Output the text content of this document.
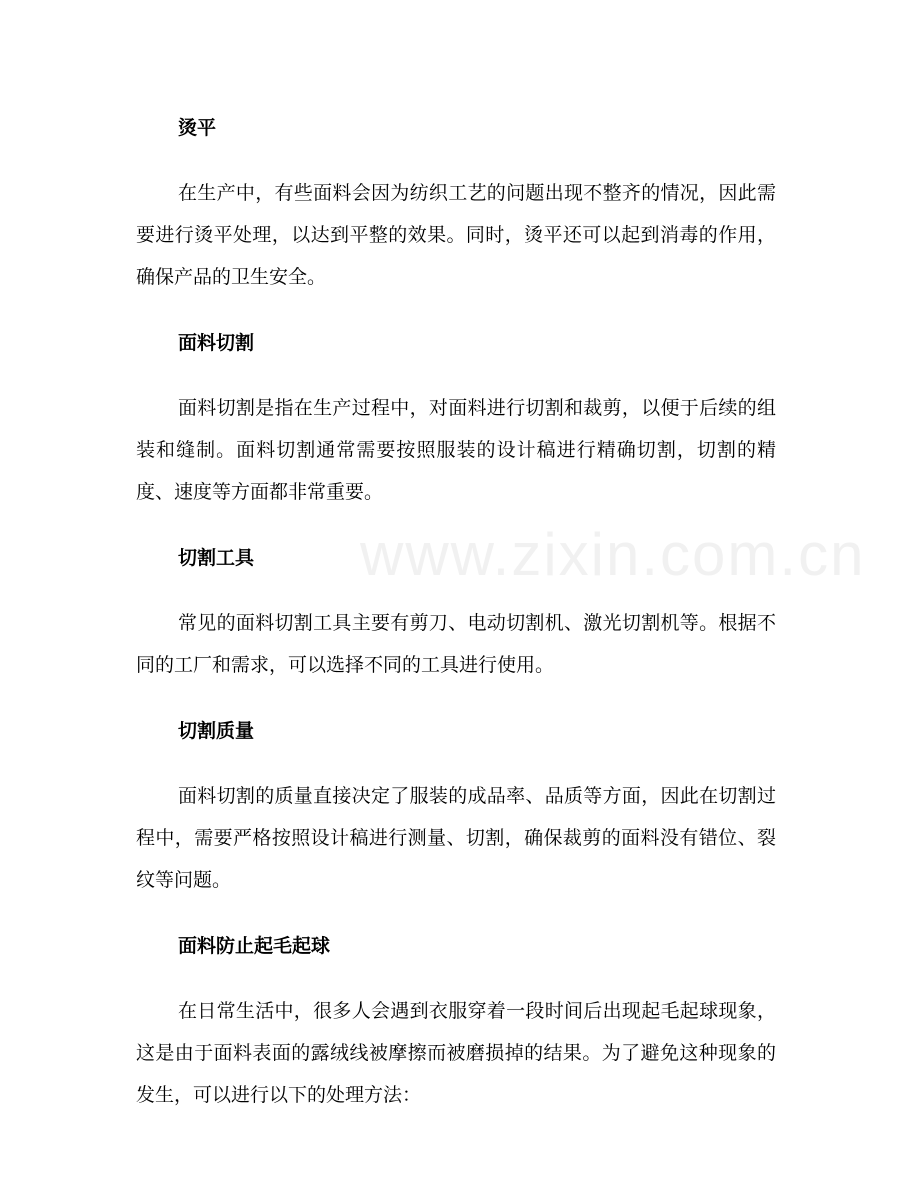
www.zixin.com.cn
烫平

在生产中，有些面料会因为纺织工艺的问题出现不整齐的情况，因此需要进行烫平处理，以达到平整的效果。同时，烫平还可以起到消毒的作用，确保产品的卫生安全。

面料切割

面料切割是指在生产过程中，对面料进行切割和裁剪，以便于后续的组装和缝制。面料切割通常需要按照服装的设计稿进行精确切割，切割的精度、速度等方面都非常重要。

切割工具

常见的面料切割工具主要有剪刀、电动切割机、激光切割机等。根据不同的工厂和需求，可以选择不同的工具进行使用。

切割质量

面料切割的质量直接决定了服装的成品率、品质等方面，因此在切割过程中，需要严格按照设计稿进行测量、切割，确保裁剪的面料没有错位、裂纹等问题。

面料防止起毛起球

在日常生活中，很多人会遇到衣服穿着一段时间后出现起毛起球现象，这是由于面料表面的露绒线被摩擦而被磨损掉的结果。为了避免这种现象的发生，可以进行以下的处理方法：
